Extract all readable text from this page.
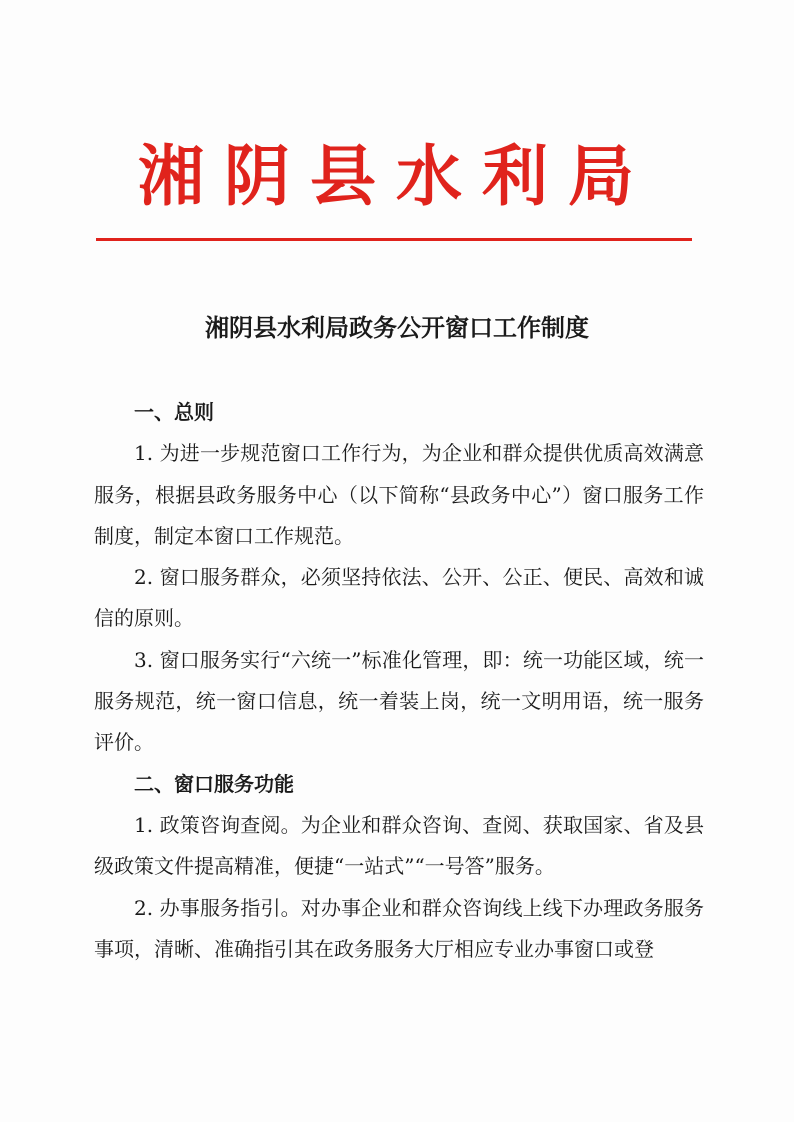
湘阴县水利局
湘阴县水利局政务公开窗口工作制度
一、总则

1. 为进一步规范窗口工作行为，为企业和群众提供优质高效满意服务，根据县政务服务中心（以下简称“县政务中心”）窗口服务工作制度，制定本窗口工作规范。

2. 窗口服务群众，必须坚持依法、公开、公正、便民、高效和诚信的原则。

3. 窗口服务实行“六统一”标准化管理，即：统一功能区域，统一服务规范，统一窗口信息，统一着装上岗，统一文明用语，统一服务评价。

二、窗口服务功能

1. 政策咨询查阅。为企业和群众咨询、查阅、获取国家、省及县级政策文件提高精准，便捷“一站式”“一号答”服务。

2. 办事服务指引。对办事企业和群众咨询线上线下办理政务服务事项，清晰、准确指引其在政务服务大厅相应专业办事窗口或登
